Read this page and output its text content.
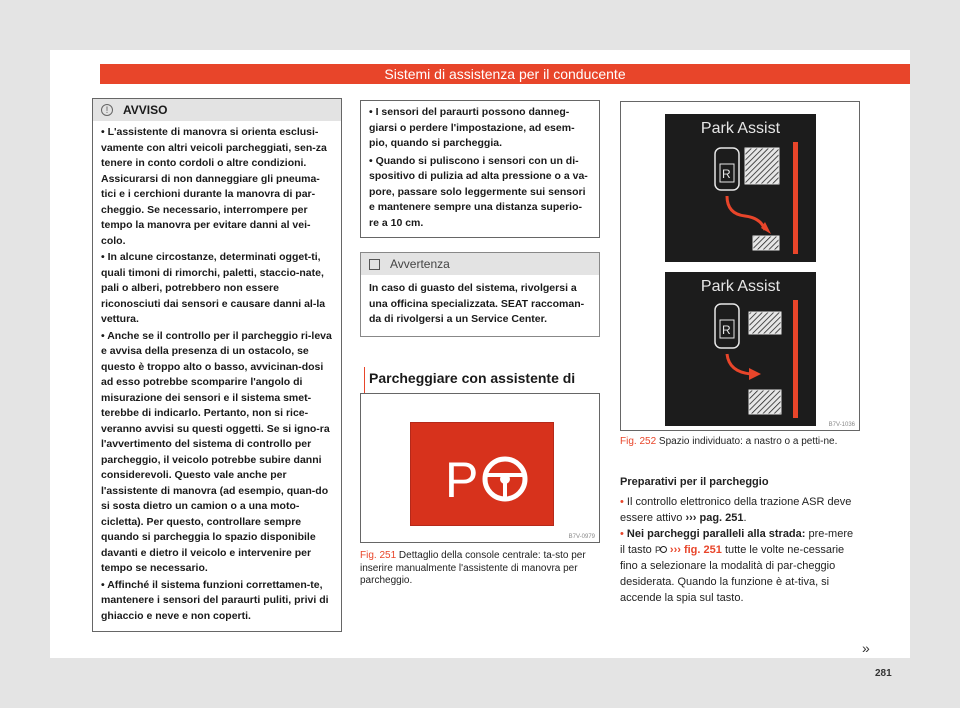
Sistemi di assistenza per il conducente
!	AVVISO

• L'assistente di manovra si orienta esclusi-vamente con altri veicoli parcheggiati, sen-za tenere in conto cordoli o altre condizioni. Assicurarsi di non danneggiare gli pneuma-tici e i cerchioni durante la manovra di par-cheggio. Se necessario, interrompere per tempo la manovra per evitare danni al vei-colo.

• In alcune circostanze, determinati ogget-ti, quali timoni di rimorchi, paletti, staccio-nate, pali o alberi, potrebbero non essere riconosciuti dai sensori e causare danni al-la vettura.

• Anche se il controllo per il parcheggio ri-leva e avvisa della presenza di un ostacolo, se questo è troppo alto o basso, avvicinan-dosi ad esso potrebbe scomparire l'angolo di misurazione dei sensori e il sistema smet-terebbe di indicarlo. Pertanto, non si rice-veranno avvisi su questi oggetti. Se si igno-ra l'avvertimento del sistema di controllo per parcheggio, il veicolo potrebbe subire danni considerevoli. Questo vale anche per l'assistente di manovra (ad esempio, quan-do si sosta dietro un camion o a una moto-cicletta). Per questo, controllare sempre quando si parcheggia lo spazio disponibile davanti e dietro il veicolo e intervenire per tempo se necessario.

• Affinché il sistema funzioni correttamen-te, mantenere i sensori del paraurti puliti, privi di ghiaccio e neve e non coperti.

• I sensori del paraurti possono danneg-giarsi o perdere l'impostazione, ad esem-pio, quando si parcheggia.

• Quando si puliscono i sensori con un di-spositivo di pulizia ad alta pressione o a va-pore, passare solo leggermente sui sensori e mantenere sempre una distanza superio-re a 10 cm.

Avvertenza
In caso di guasto del sistema, rivolgersi a una officina specializzata. SEAT raccoman-da di rivolgersi a un Service Center.
Parcheggiare con assistente di
P
B7V-0979
Fig. 251 Dettaglio della console centrale: ta-sto per inserire manualmente l'assistente di manovra per parcheggio.
Park Assist
R
Park Assist
R
B7V-1036
Fig. 252 Spazio individuato: a nastro o a petti-ne.
Preparativi per il parcheggio

• Il controllo elettronico della trazione ASR deve essere attivo ››› pag. 251.

• Nei parcheggi paralleli alla strada: pre-mere il tasto P ››› fig. 251 tutte le volte ne-cessarie fino a selezionare la modalità di par-cheggio desiderata. Quando la funzione è at-tiva, si accende la spia sul tasto.

»
281
